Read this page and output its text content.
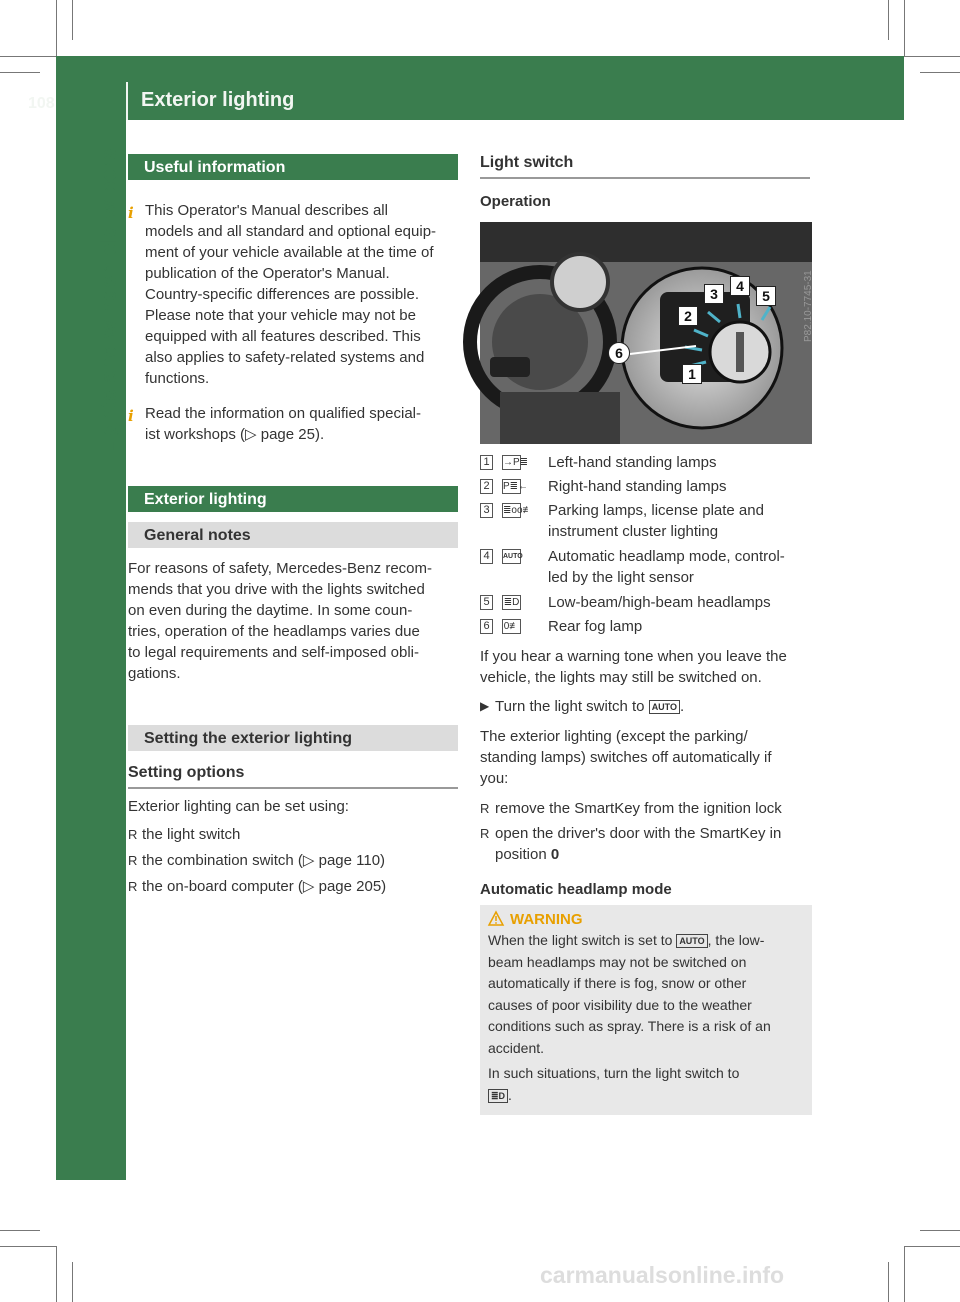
108	Exterior lighting
Lights and windshield wipers	Useful information
i This Operator's Manual describes all
models and all standard and optional equip-
ment of your vehicle available at the time of
publication of the Operator's Manual.
Country-specific differences are possible.
Please note that your vehicle may not be
equipped with all features described. This
also applies to safety-related systems and
functions.
i Read the information on qualified special-
ist workshops (▷ page 25).
Exterior lighting
General notes
For reasons of safety, Mercedes-Benz recom-
mends that you drive with the lights switched
on even during the daytime. In some coun-
tries, operation of the headlamps varies due
to legal requirements and self-imposed obli-
gations.
Setting the exterior lighting
Setting options
Exterior lighting can be set using:
R the light switch
R the combination switch (▷ page 110)
R the on-board computer (▷ page 205)
Light switch
Operation
1
2
3	4
5
6
P82.10-7745-31
1	→P≣ Left-hand standing lamps
2	P≣← Right-hand standing lamps
3	≣oo≢ Parking lamps, license plate and
instrument cluster lighting
4	AUTO Automatic headlamp mode, control-
led by the light sensor
5	≣D Low-beam/high-beam headlamps
6	0≢ Rear fog lamp
If you hear a warning tone when you leave the
vehicle, the lights may still be switched on.
▶ Turn the light switch to AUTO .
The exterior lighting (except the parking/
standing lamps) switches off automatically if
you:
R remove the SmartKey from the ignition lock
R open the driver's door with the SmartKey in
position 0
Automatic headlamp mode
WARNING
When the light switch is set to AUTO , the low-
beam headlamps may not be switched on
automatically if there is fog, snow or other
causes of poor visibility due to the weather
conditions such as spray. There is a risk of an
accident.
In such situations, turn the light switch to
≣D .
carmanualsonline.info
